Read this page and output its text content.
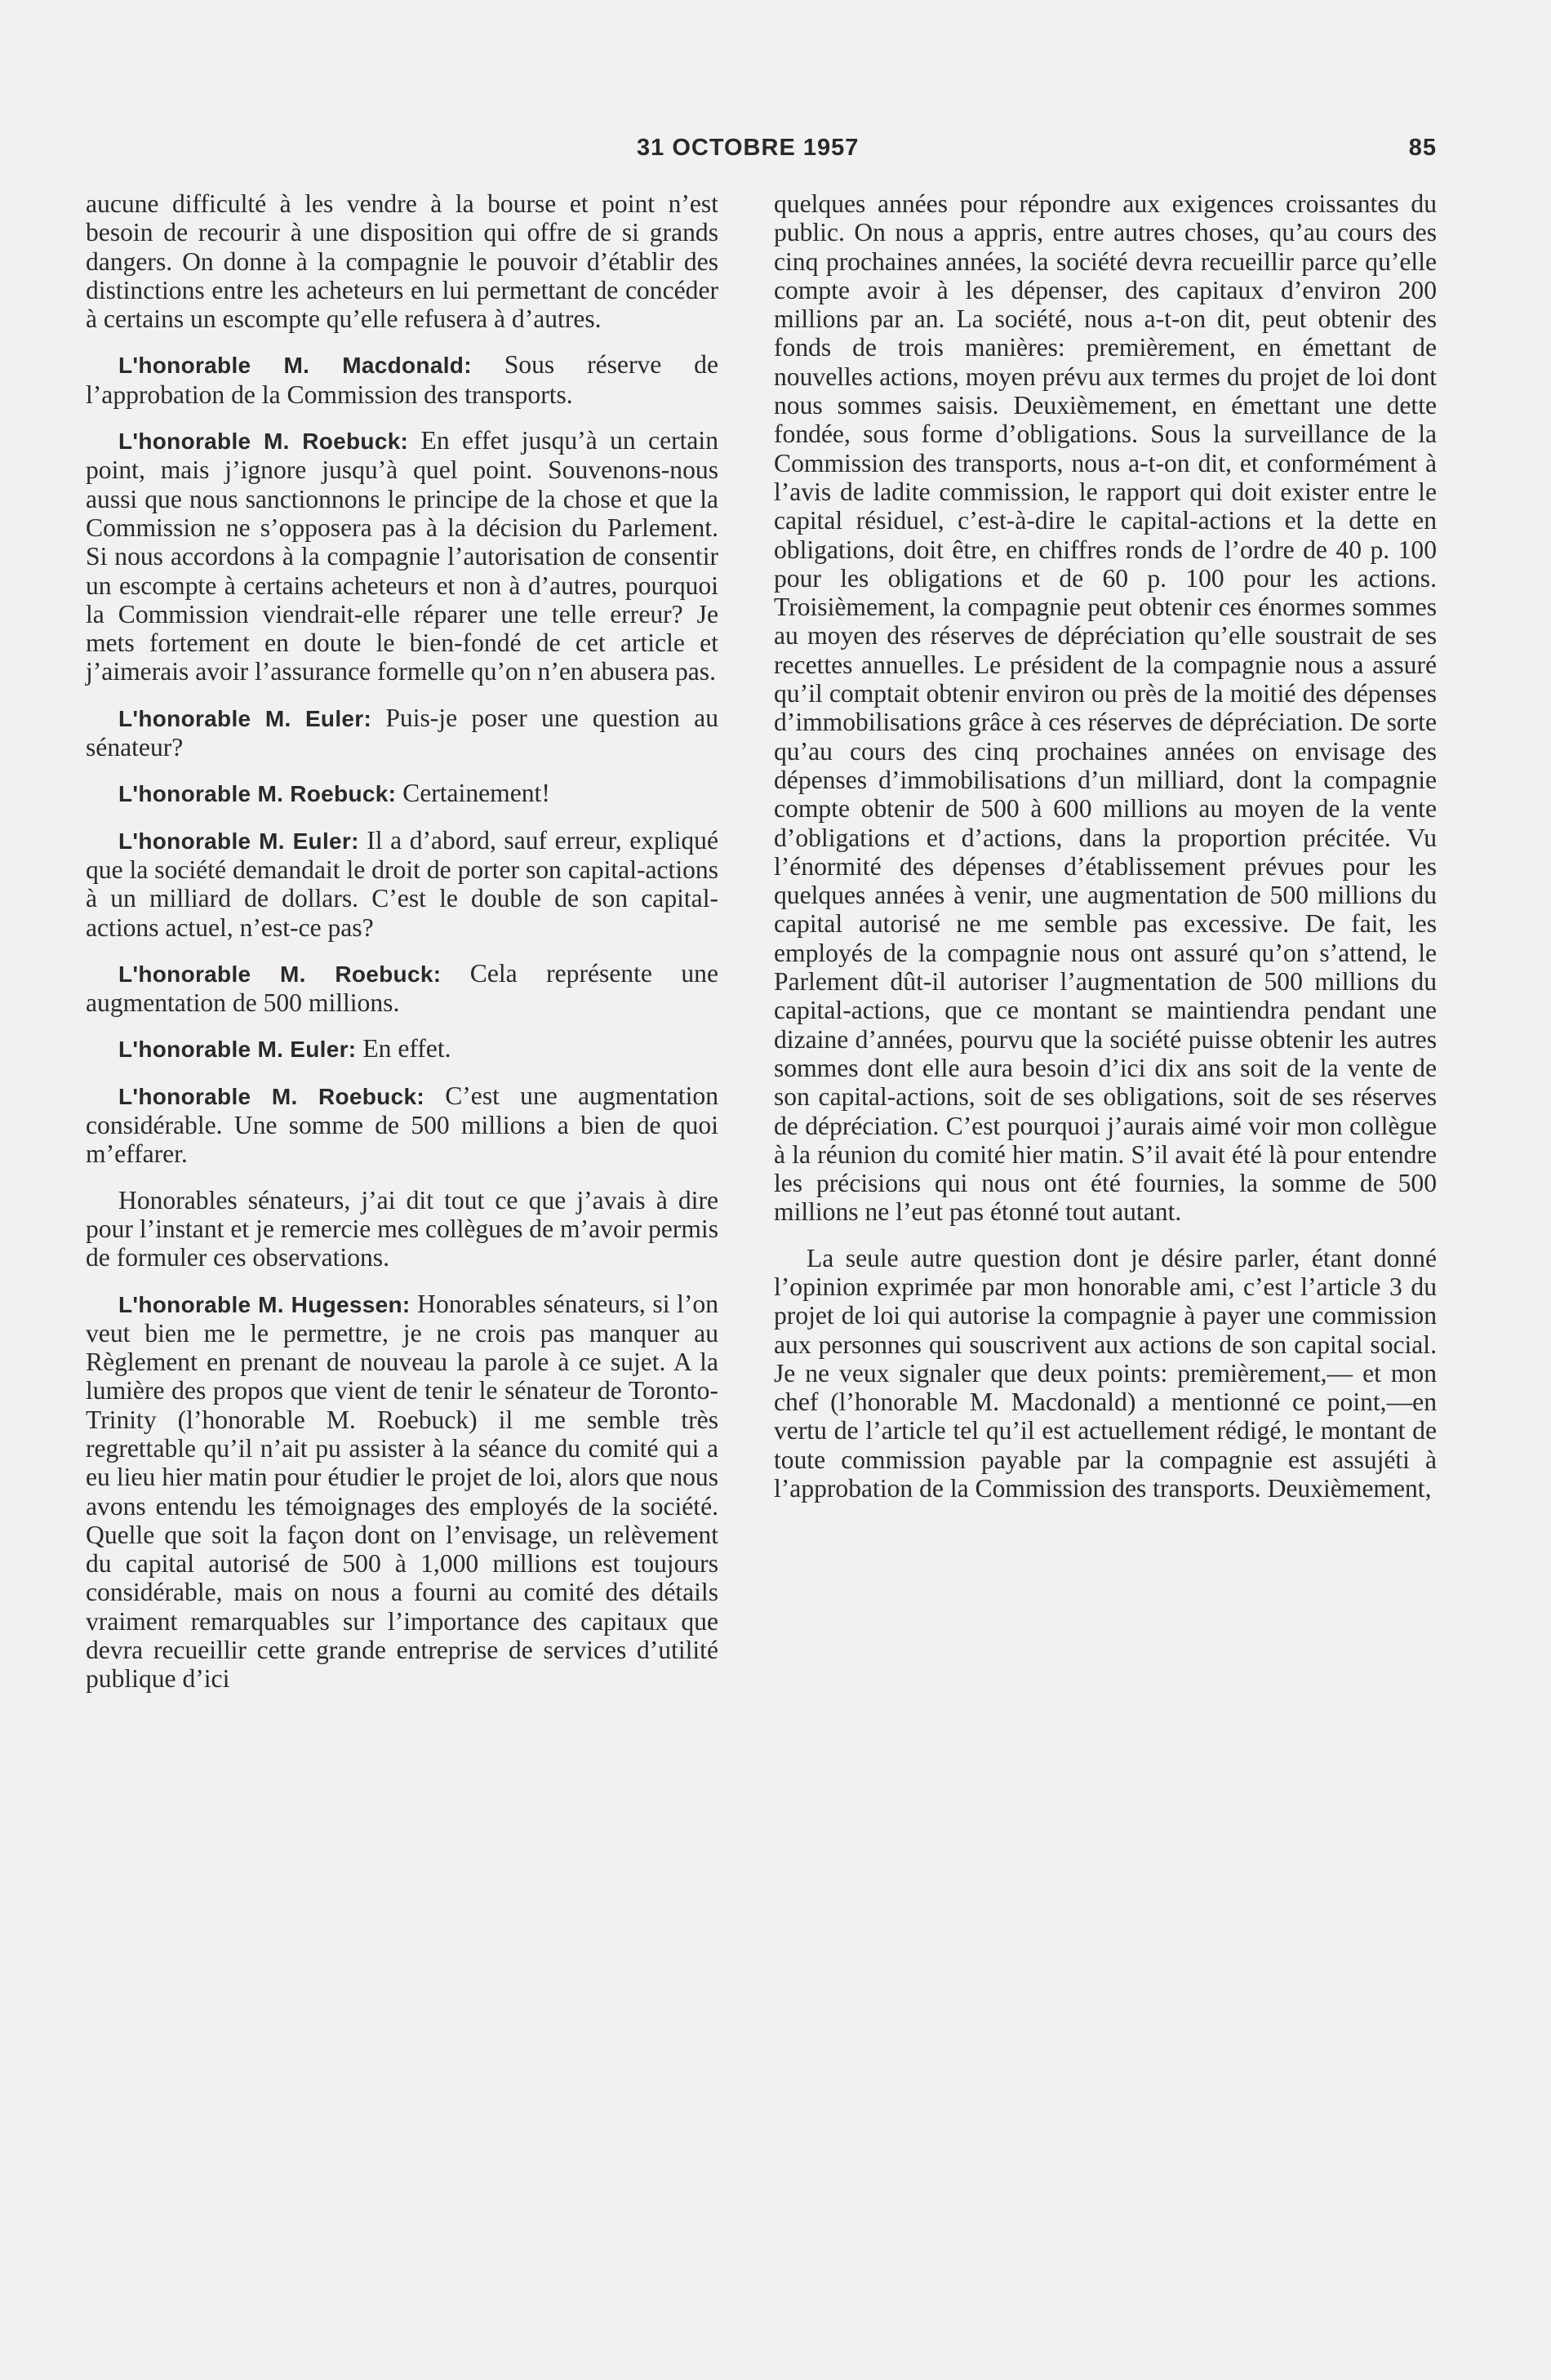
31 OCTOBRE 1957	85

aucune difficulté à les vendre à la bourse et point n’est besoin de recourir à une disposition qui offre de si grands dangers. On donne à la compagnie le pouvoir d’établir des distinctions entre les acheteurs en lui permettant de concéder à certains un escompte qu’elle refusera à d’autres.

L'honorable M. Macdonald: Sous réserve de l’approbation de la Commission des transports.

L'honorable M. Roebuck: En effet jusqu’à un certain point, mais j’ignore jusqu’à quel point. Souvenons-nous aussi que nous sanctionnons le principe de la chose et que la Commission ne s’opposera pas à la décision du Parlement. Si nous accordons à la compagnie l’autorisation de consentir un escompte à certains acheteurs et non à d’autres, pourquoi la Commission viendrait-elle réparer une telle erreur? Je mets fortement en doute le bien-fondé de cet article et j’aimerais avoir l’assurance formelle qu’on n’en abusera pas.

L'honorable M. Euler: Puis-je poser une question au sénateur?

L'honorable M. Roebuck: Certainement!

L'honorable M. Euler: Il a d’abord, sauf erreur, expliqué que la société demandait le droit de porter son capital-actions à un milliard de dollars. C’est le double de son capital-actions actuel, n’est-ce pas?

L'honorable M. Roebuck: Cela représente une augmentation de 500 millions.

L'honorable M. Euler: En effet.

L'honorable M. Roebuck: C’est une augmentation considérable. Une somme de 500 millions a bien de quoi m’effarer.

Honorables sénateurs, j’ai dit tout ce que j’avais à dire pour l’instant et je remercie mes collègues de m’avoir permis de formuler ces observations.

L'honorable M. Hugessen: Honorables sénateurs, si l’on veut bien me le permettre, je ne crois pas manquer au Règlement en prenant de nouveau la parole à ce sujet. A la lumière des propos que vient de tenir le sénateur de Toronto-Trinity (l’honorable M. Roebuck) il me semble très regrettable qu’il n’ait pu assister à la séance du comité qui a eu lieu hier matin pour étudier le projet de loi, alors que nous avons entendu les témoignages des employés de la société. Quelle que soit la façon dont on l’envisage, un relèvement du capital autorisé de 500 à 1,000 millions est toujours considérable, mais on nous a fourni au comité des détails vraiment remarquables sur l’importance des capitaux que devra recueillir cette grande entreprise de services d’utilité publique d’ici

quelques années pour répondre aux exigences croissantes du public. On nous a appris, entre autres choses, qu’au cours des cinq prochaines années, la société devra recueillir parce qu’elle compte avoir à les dépenser, des capitaux d’environ 200 millions par an. La société, nous a-t-on dit, peut obtenir des fonds de trois manières: premièrement, en émettant de nouvelles actions, moyen prévu aux termes du projet de loi dont nous sommes saisis. Deuxièmement, en émettant une dette fondée, sous forme d’obligations. Sous la surveillance de la Commission des transports, nous a-t-on dit, et conformément à l’avis de ladite commission, le rapport qui doit exister entre le capital résiduel, c’est-à-dire le capital-actions et la dette en obligations, doit être, en chiffres ronds de l’ordre de 40 p. 100 pour les obligations et de 60 p. 100 pour les actions. Troisièmement, la compagnie peut obtenir ces énormes sommes au moyen des réserves de dépréciation qu’elle soustrait de ses recettes annuelles. Le président de la compagnie nous a assuré qu’il comptait obtenir environ ou près de la moitié des dépenses d’immobilisations grâce à ces réserves de dépréciation. De sorte qu’au cours des cinq prochaines années on envisage des dépenses d’immobilisations d’un milliard, dont la compagnie compte obtenir de 500 à 600 millions au moyen de la vente d’obligations et d’actions, dans la proportion précitée. Vu l’énormité des dépenses d’établissement prévues pour les quelques années à venir, une augmentation de 500 millions du capital autorisé ne me semble pas excessive. De fait, les employés de la compagnie nous ont assuré qu’on s’attend, le Parlement dût-il autoriser l’augmentation de 500 millions du capital-actions, que ce montant se maintiendra pendant une dizaine d’années, pourvu que la société puisse obtenir les autres sommes dont elle aura besoin d’ici dix ans soit de la vente de son capital-actions, soit de ses obligations, soit de ses réserves de dépréciation. C’est pourquoi j’aurais aimé voir mon collègue à la réunion du comité hier matin. S’il avait été là pour entendre les précisions qui nous ont été fournies, la somme de 500 millions ne l’eut pas étonné tout autant.

La seule autre question dont je désire parler, étant donné l’opinion exprimée par mon honorable ami, c’est l’article 3 du projet de loi qui autorise la compagnie à payer une commission aux personnes qui souscrivent aux actions de son capital social. Je ne veux signaler que deux points: premièrement,— et mon chef (l’honorable M. Macdonald) a mentionné ce point,—en vertu de l’article tel qu’il est actuellement rédigé, le montant de toute commission payable par la compagnie est assujéti à l’approbation de la Commission des transports. Deuxièmement,
